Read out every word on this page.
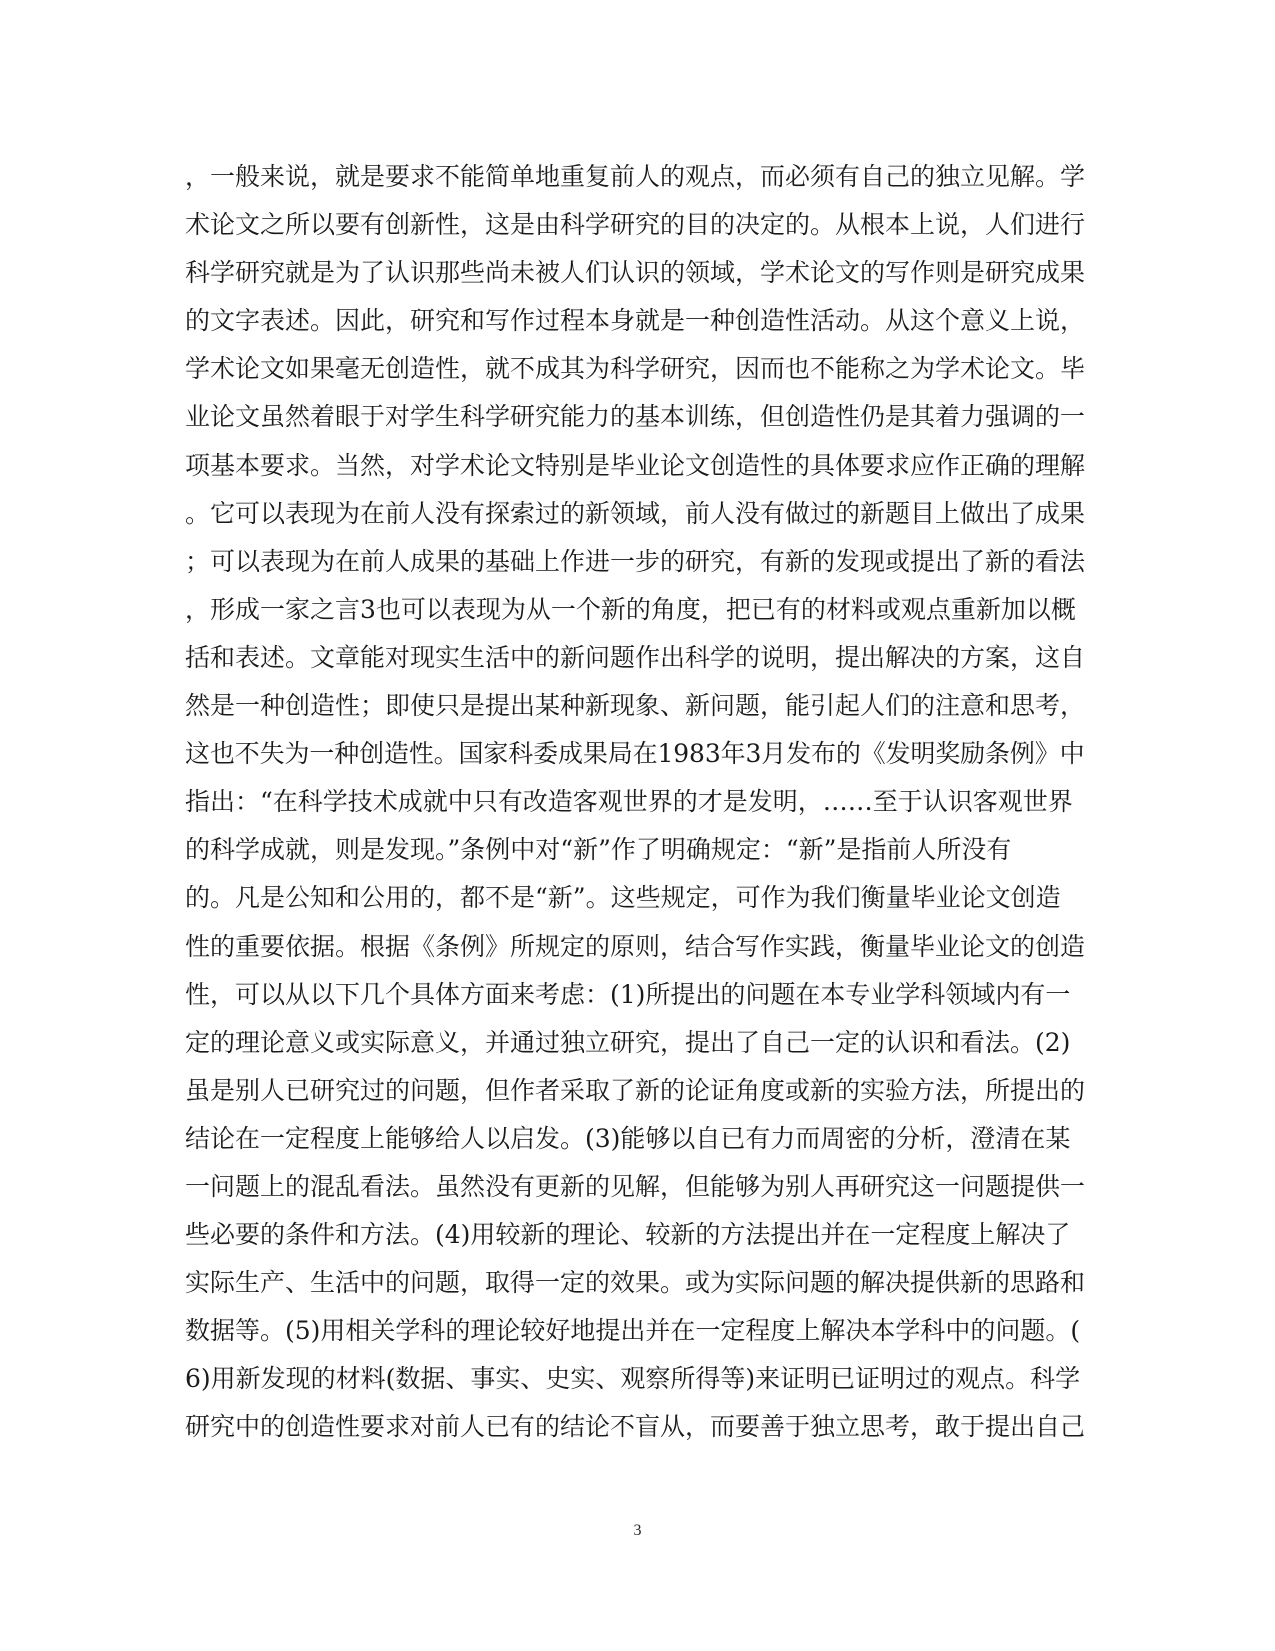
，一般来说，就是要求不能简单地重复前人的观点，而必须有自己的独立见解。学
术论文之所以要有创新性，这是由科学研究的目的决定的。从根本上说，人们进行
科学研究就是为了认识那些尚未被人们认识的领域，学术论文的写作则是研究成果
的文字表述。因此，研究和写作过程本身就是一种创造性活动。从这个意义上说，
学术论文如果毫无创造性，就不成其为科学研究，因而也不能称之为学术论文。毕
业论文虽然着眼于对学生科学研究能力的基本训练，但创造性仍是其着力强调的一
项基本要求。当然，对学术论文特别是毕业论文创造性的具体要求应作正确的理解
。它可以表现为在前人没有探索过的新领域，前人没有做过的新题目上做出了成果
；可以表现为在前人成果的基础上作进一步的研究，有新的发现或提出了新的看法
，形成一家之言3也可以表现为从一个新的角度，把已有的材料或观点重新加以概
括和表述。文章能对现实生活中的新问题作出科学的说明，提出解决的方案，这自
然是一种创造性；即使只是提出某种新现象、新问题，能引起人们的注意和思考，
这也不失为一种创造性。国家科委成果局在1983年3月发布的《发明奖励条例》中
指出：“在科学技术成就中只有改造客观世界的才是发明，……至于认识客观世界
的科学成就，则是发现。”条例中对“新”作了明确规定：“新”是指前人所没有
的。凡是公知和公用的，都不是“新”。这些规定，可作为我们衡量毕业论文创造
性的重要依据。根据《条例》所规定的原则，结合写作实践，衡量毕业论文的创造
性，可以从以下几个具体方面来考虑：(1)所提出的问题在本专业学科领域内有一
定的理论意义或实际意义，并通过独立研究，提出了自己一定的认识和看法。(2)
虽是别人已研究过的问题，但作者采取了新的论证角度或新的实验方法，所提出的
结论在一定程度上能够给人以启发。(3)能够以自已有力而周密的分析，澄清在某
一问题上的混乱看法。虽然没有更新的见解，但能够为别人再研究这一问题提供一
些必要的条件和方法。(4)用较新的理论、较新的方法提出并在一定程度上解决了
实际生产、生活中的问题，取得一定的效果。或为实际问题的解决提供新的思路和
数据等。(5)用相关学科的理论较好地提出并在一定程度上解决本学科中的问题。(
6)用新发现的材料(数据、事实、史实、观察所得等)来证明已证明过的观点。科学
研究中的创造性要求对前人已有的结论不盲从，而要善于独立思考，敢于提出自己
3
